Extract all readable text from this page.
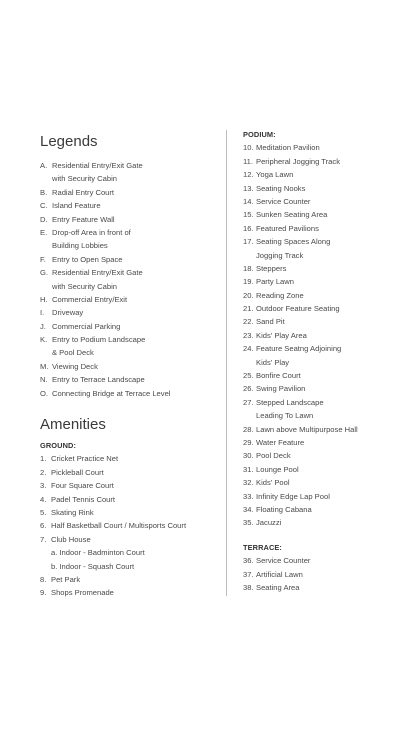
Legends
A. Residential Entry/Exit Gate
with Security Cabin
B. Radial Entry Court
C. Island Feature
D. Entry Feature Wall
E. Drop-off Area in front of
Building Lobbies
F. Entry to Open Space
G. Residential Entry/Exit Gate
with Security Cabin
H. Commercial Entry/Exit
I. Driveway
J. Commercial Parking
K. Entry to Podium Landscape
& Pool Deck
M. Viewing Deck
N. Entry to Terrace Landscape
O. Connecting Bridge at Terrace Level
Amenities
GROUND:
1. Cricket Practice Net
2. Pickleball Court
3. Four Square Court
4. Padel Tennis Court
5. Skating Rink
6. Half Basketball Court / Multisports Court
7. Club House
a. Indoor - Badminton Court
b. Indoor - Squash Court
8. Pet Park
9. Shops Promenade
PODIUM:
10. Meditation Pavilion
11. Peripheral Jogging Track
12. Yoga Lawn
13. Seating Nooks
14. Service Counter
15. Sunken Seating Area
16. Featured Pavilions
17. Seating Spaces Along
Jogging Track
18. Steppers
19. Party Lawn
20. Reading Zone
21. Outdoor Feature Seating
22. Sand Pit
23. Kids' Play Area
24. Feature Seatng Adjoining
Kids' Play
25. Bonfire Court
26. Swing Pavilion
27. Stepped Landscape
Leading To Lawn
28. Lawn above Multipurpose Hall
29. Water Feature
30. Pool Deck
31. Lounge Pool
32. Kids' Pool
33. Infinity Edge Lap Pool
34. Floating Cabana
35. Jacuzzi
TERRACE:
36. Service Counter
37. Artificial Lawn
38. Seating Area
